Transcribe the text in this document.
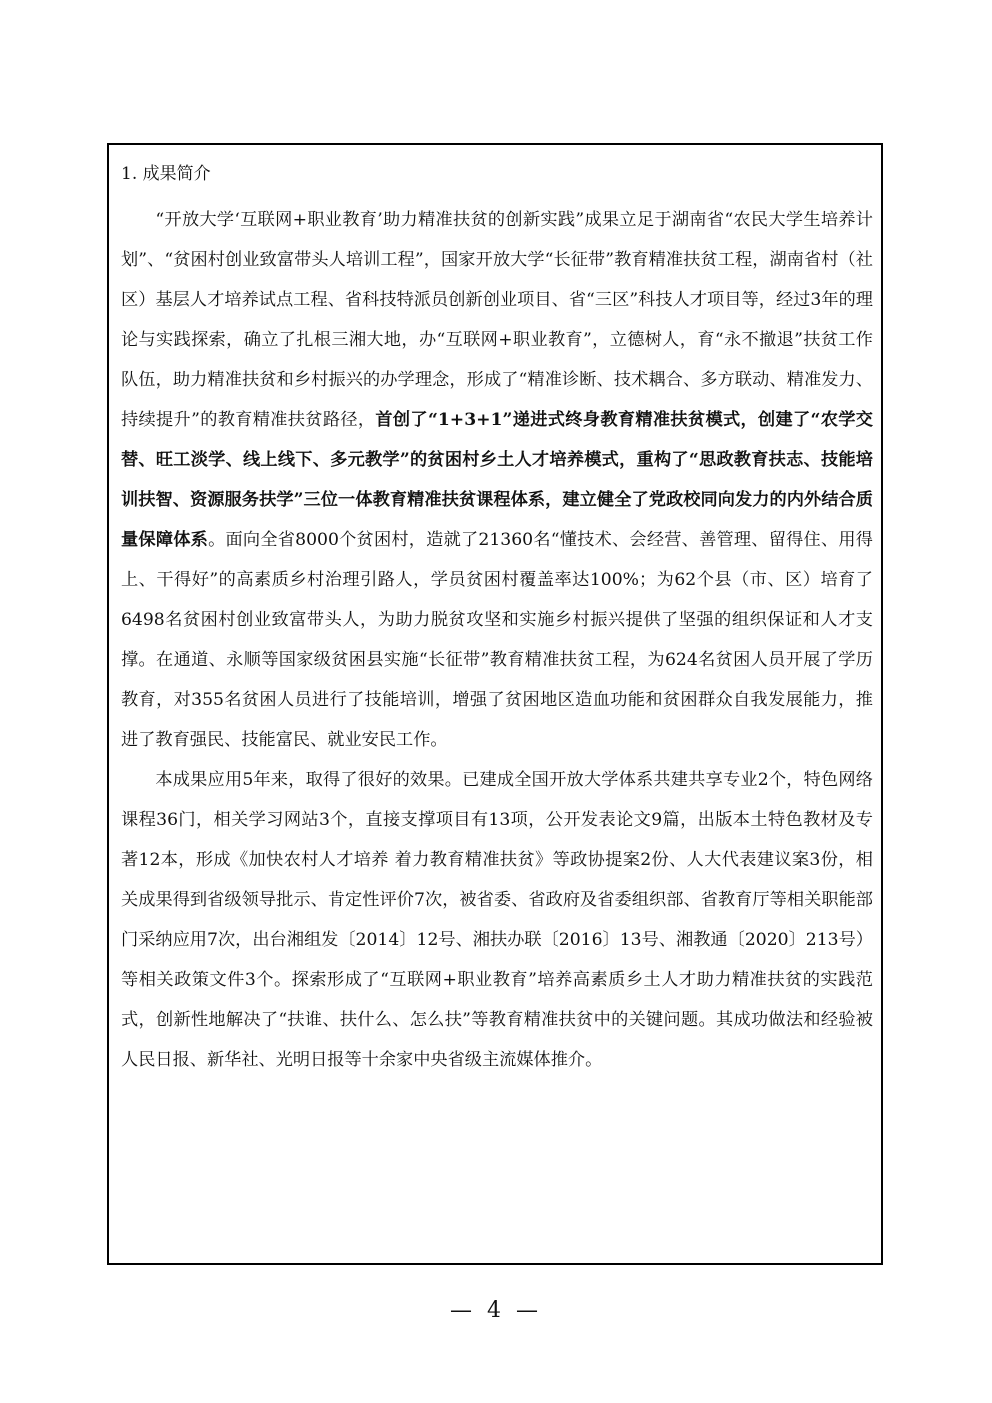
1. 成果简介

“开放大学‘互联网+职业教育’助力精准扶贫的创新实践”成果立足于湖南省“农民大学生培养计划”、“贫困村创业致富带头人培训工程”，国家开放大学“长征带”教育精准扶贫工程，湖南省村（社区）基层人才培养试点工程、省科技特派员创新创业项目、省“三区”科技人才项目等，经过3年的理论与实践探索，确立了扎根三湘大地，办“互联网+职业教育”，立德树人，育“永不撤退”扶贫工作队伍，助力精准扶贫和乡村振兴的办学理念，形成了“精准诊断、技术耦合、多方联动、精准发力、持续提升”的教育精准扶贫路径，首创了“1+3+1”递进式终身教育精准扶贫模式，创建了“农学交替、旺工淡学、线上线下、多元教学”的贫困村乡土人才培养模式，重构了“思政教育扶志、技能培训扶智、资源服务扶学”三位一体教育精准扶贫课程体系，建立健全了党政校同向发力的内外结合质量保障体系。面向全省8000个贫困村，造就了21360名“懂技术、会经营、善管理、留得住、用得上、干得好”的高素质乡村治理引路人，学员贫困村覆盖率达100%；为62个县（市、区）培育了6498名贫困村创业致富带头人，为助力脱贫攻坚和实施乡村振兴提供了坚强的组织保证和人才支撑。在通道、永顺等国家级贫困县实施“长征带”教育精准扶贫工程，为624名贫困人员开展了学历教育，对355名贫困人员进行了技能培训，增强了贫困地区造血功能和贫困群众自我发展能力，推进了教育强民、技能富民、就业安民工作。

本成果应用5年来，取得了很好的效果。已建成全国开放大学体系共建共享专业2个，特色网络课程36门，相关学习网站3个，直接支撑项目有13项，公开发表论文9篇，出版本土特色教材及专著12本，形成《加快农村人才培养 着力教育精准扶贫》等政协提案2份、人大代表建议案3份，相关成果得到省级领导批示、肯定性评价7次，被省委、省政府及省委组织部、省教育厅等相关职能部门采纳应用7次，出台湘组发〔2014〕12号、湘扶办联〔2016〕13号、湘教通〔2020〕213号）等相关政策文件3个。探索形成了“互联网+职业教育”培养高素质乡土人才助力精准扶贫的实践范式，创新性地解决了“扶谁、扶什么、怎么扶”等教育精准扶贫中的关键问题。其成功做法和经验被人民日报、新华社、光明日报等十余家中央省级主流媒体推介。

— 4 —
